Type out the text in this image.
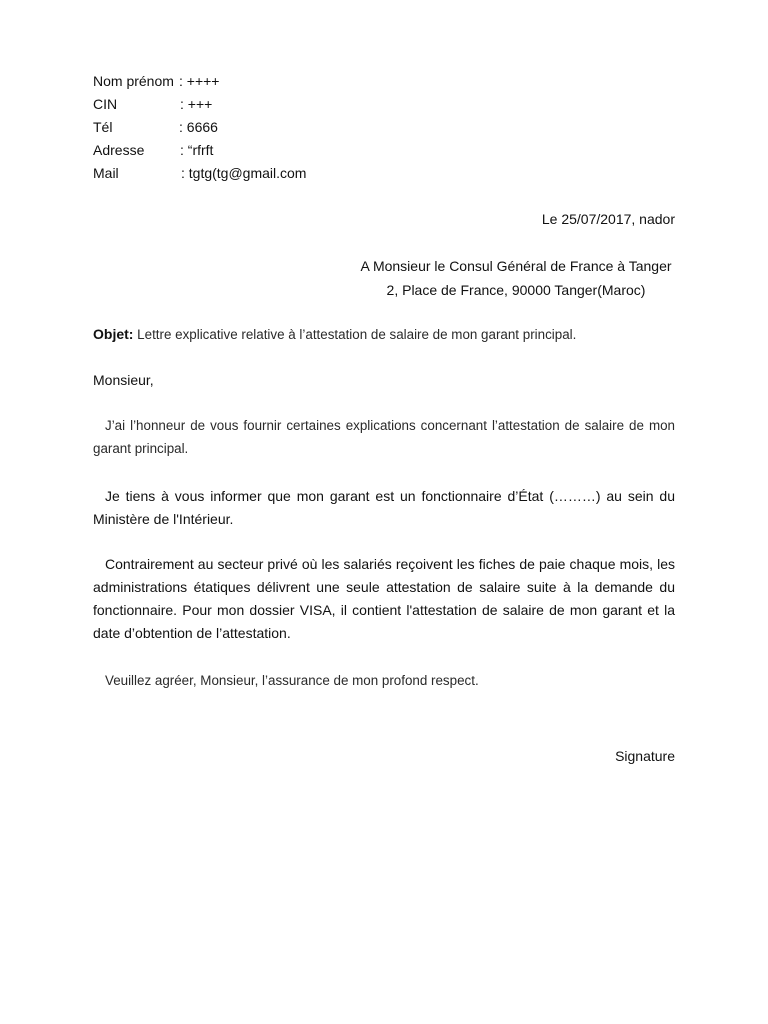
Nom prénom : ++++
CIN	: +++
Tél	: 6666
Adresse	: “rfrft
Mail	: tgtg(tg@gmail.com
Le 25/07/2017, nador
A Monsieur le Consul Général de France à Tanger
2, Place de France, 90000 Tanger(Maroc)
Objet: Lettre explicative relative à l’attestation de salaire de mon garant principal.
Monsieur,
J’ai l’honneur de vous fournir certaines explications concernant l’attestation de salaire de mon garant principal.
Je tiens à vous informer que mon garant est un fonctionnaire d’État (………) au sein du Ministère de l'Intérieur.
Contrairement au secteur privé où les salariés reçoivent les fiches de paie chaque mois, les administrations étatiques délivrent une seule attestation de salaire suite à la demande du fonctionnaire. Pour mon dossier VISA, il contient l'attestation de salaire de mon garant et la date d’obtention de l’attestation.
Veuillez agréer, Monsieur, l’assurance de mon profond respect.
Signature
